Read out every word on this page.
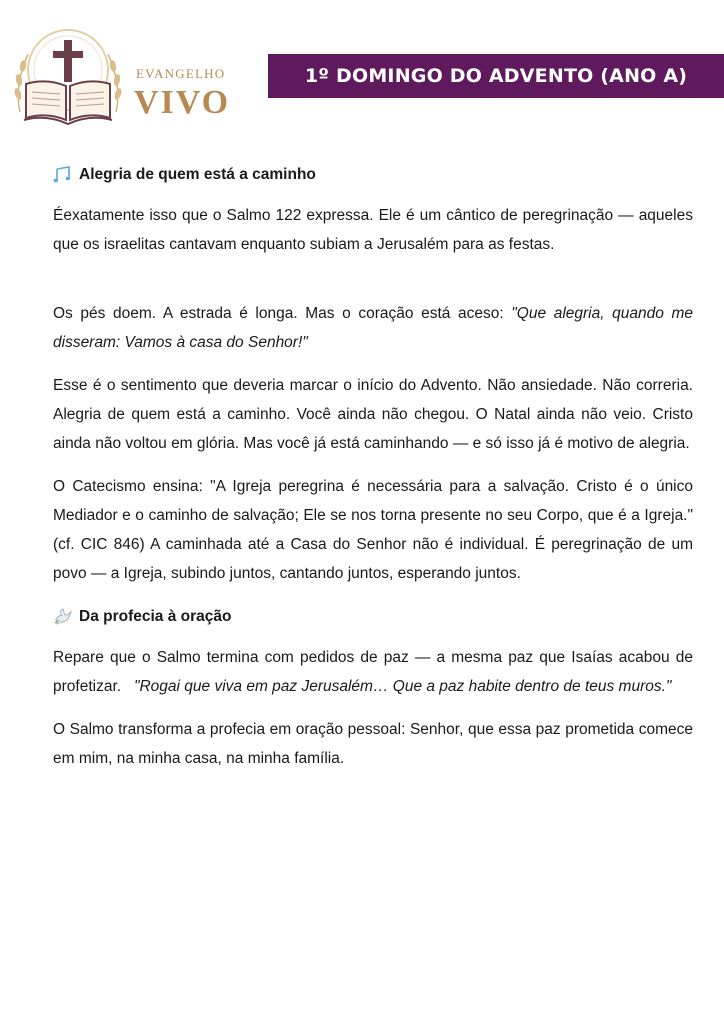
EVANGELHO
VIVO
1º DOMINGO DO ADVENTO (ANO A)
Alegria de quem está a caminho

Éexatamente isso que o Salmo 122 expressa. Ele é um cântico de peregrinação — aqueles que os israelitas cantavam enquanto subiam a Jerusalém para as festas.

Os pés doem. A estrada é longa. Mas o coração está aceso: "Que alegria, quando me disseram: Vamos à casa do Senhor!"

Esse é o sentimento que deveria marcar o início do Advento. Não ansiedade. Não correria. Alegria de quem está a caminho. Você ainda não chegou. O Natal ainda não veio. Cristo ainda não voltou em glória. Mas você já está caminhando — e só isso já é motivo de alegria.

O Catecismo ensina: "A Igreja peregrina é necessária para a salvação. Cristo é o único Mediador e o caminho de salvação; Ele se nos torna presente no seu Corpo, que é a Igreja." (cf. CIC 846) A caminhada até a Casa do Senhor não é individual. É peregrinação de um povo — a Igreja, subindo juntos, cantando juntos, esperando juntos.

Da profecia à oração

Repare que o Salmo termina com pedidos de paz — a mesma paz que Isaías acabou de profetizar.   "Rogai que viva em paz Jerusalém… Que a paz habite dentro de teus muros."

O Salmo transforma a profecia em oração pessoal: Senhor, que essa paz prometida comece em mim, na minha casa, na minha família.
